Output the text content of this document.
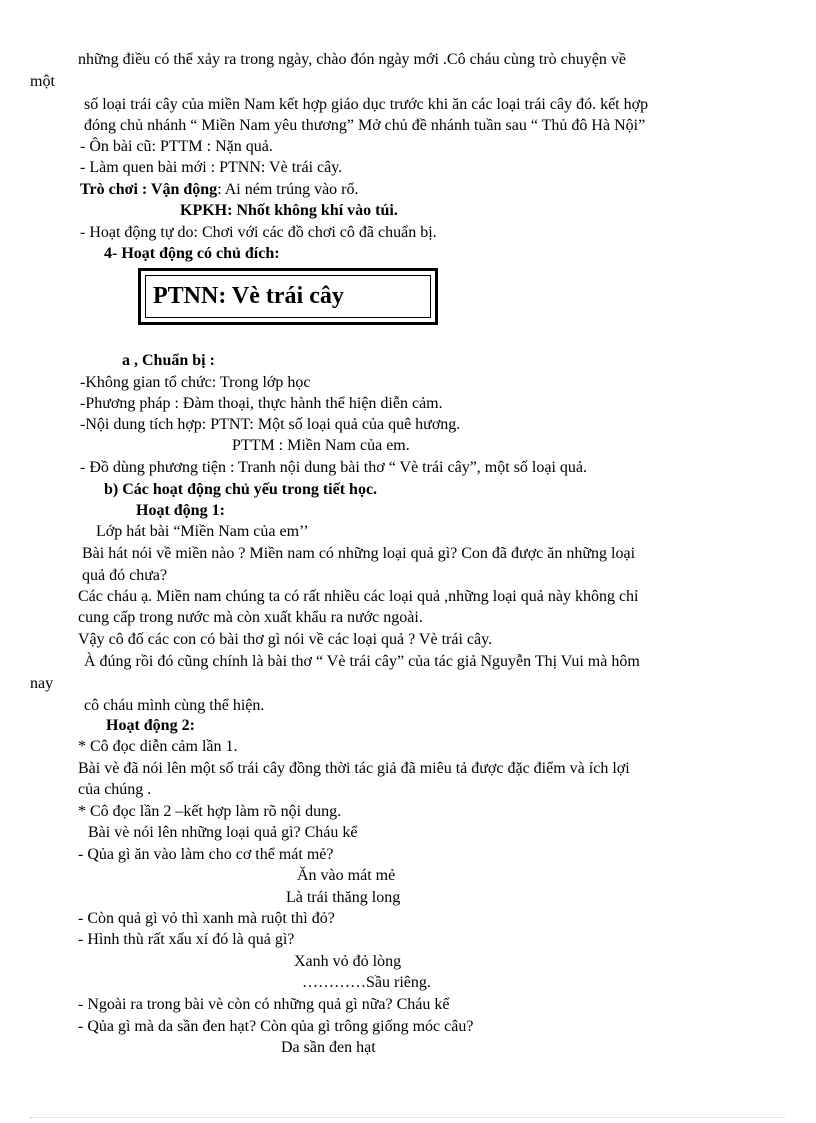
những điều có thể xảy ra trong ngày, chào đón ngày mới .Cô cháu cùng trò chuyện về
một
số loại trái cây của miền Nam kết hợp giáo dục trước khi ăn các loại trái cây đó. kết hợp
đóng chủ nhánh “ Miền Nam yêu thương” Mở chủ đề nhánh tuần sau “ Thủ đô Hà Nội”
- Ôn bài cũ: PTTM : Nặn quả.
- Làm quen bài mới : PTNN: Vè trái cây.
Trò chơi : Vận động: Ai ném trúng vào rổ.
KPKH: Nhốt không khí vào túi.
- Hoạt động tự do: Chơi với các đồ chơi cô đã chuẩn bị.
4- Hoạt động có chủ đích:
PTNN: Vè trái cây
a , Chuẩn bị :
-Không gian tổ chức: Trong lớp học
-Phương pháp : Đàm thoại, thực hành thể hiện diễn cảm.
-Nội dung tích hợp: PTNT: Một số loại quả của quê hương.
PTTM : Miền Nam của em.
- Đồ dùng phương tiện : Tranh nội dung bài thơ “ Vè trái cây”, một số loại quả.
b) Các hoạt động chủ yếu trong tiết học.
Hoạt động 1:
Lớp hát bài “Miền Nam của em’’
Bài hát nói về miền nào ? Miền nam có những loại quả gì? Con đã được ăn những loại
quả đó chưa?
Các cháu ạ. Miền nam chúng ta có rất nhiều các loại quả ,những loại quả này không chỉ
cung cấp trong nước mà còn xuất khẩu ra nước ngoài.
Vậy cô đố các con có bài thơ gì nói về các loại quả ? Vè trái cây.
À đúng rồi đó cũng chính là bài thơ “ Vè trái cây” của tác giả Nguyễn Thị Vui mà hôm
nay
cô cháu mình cùng thể hiện.
Hoạt động 2:
* Cô đọc diễn cảm lần 1.
Bài vè đã nói lên một số trái cây đồng thời tác giả đã miêu tả được đặc điểm và ích lợi
của chúng .
* Cô đọc lần 2 –kết hợp làm rõ nội dung.
Bài vè nói lên những loại quả gì? Cháu kể
- Qủa gì ăn vào làm cho cơ thể mát mẻ?
Ăn vào mát mẻ
Là trái thăng long
- Còn quả gì vỏ thì xanh mà ruột thì đỏ?
- Hình thù rất xấu xí đó là quả gì?
Xanh vỏ đỏ lòng
…………Sầu riêng.
- Ngoài ra trong bài vè còn có những quả gì nữa? Cháu kể
- Qủa gì mà da sần đen hạt? Còn qủa gì trông giống móc câu?
Da sần đen hạt
